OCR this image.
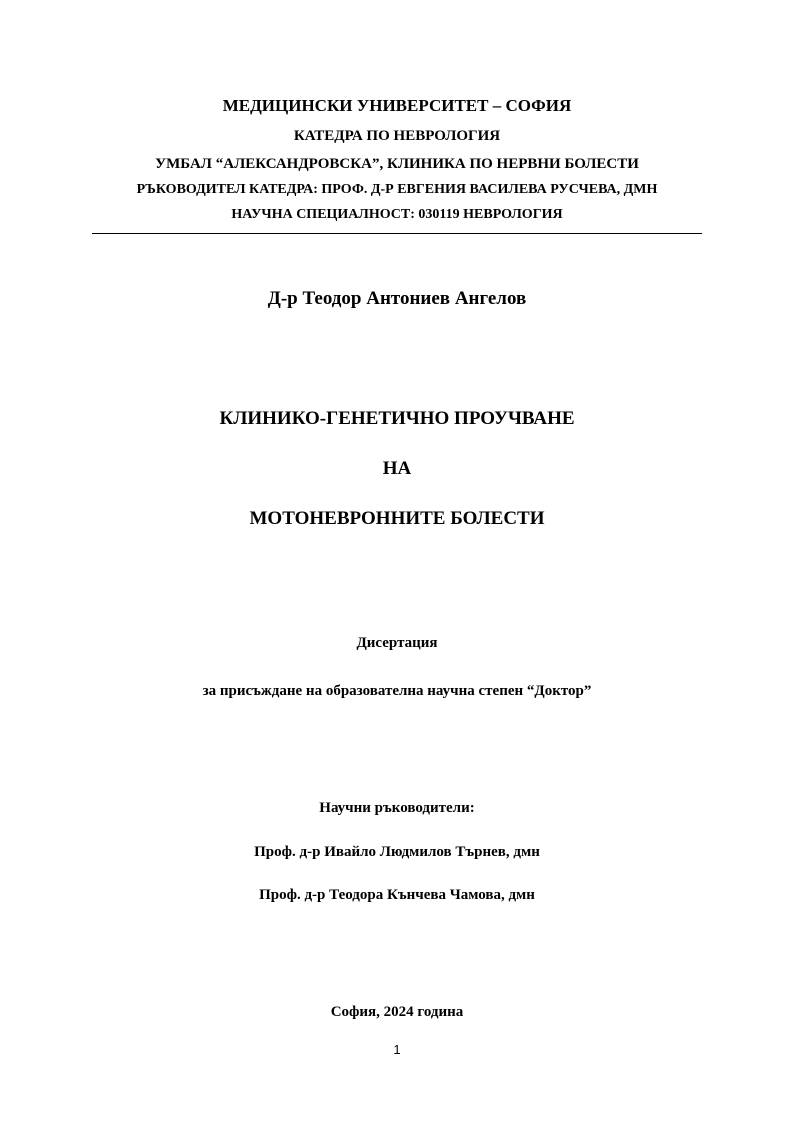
МЕДИЦИНСКИ УНИВЕРСИТЕТ – СОФИЯ
КАТЕДРА ПО НЕВРОЛОГИЯ
УМБАЛ “АЛЕКСАНДРОВСКА”, КЛИНИКА ПО НЕРВНИ БОЛЕСТИ
РЪКОВОДИТЕЛ КАТЕДРА: ПРОФ. Д-Р ЕВГЕНИЯ ВАСИЛЕВА РУСЧЕВА, ДМН
НАУЧНА СПЕЦИАЛНОСТ: 030119 НЕВРОЛОГИЯ
Д-р Теодор Антониев Ангелов
КЛИНИКО-ГЕНЕТИЧНО ПРОУЧВАНЕ
НА
МОТОНЕВРОННИТЕ БОЛЕСТИ
Дисертация
за присъждане на образователна научна степен “Доктор”
Научни ръководители:
Проф. д-р Ивайло Людмилов Търнев, дмн
Проф. д-р Теодора Кънчева Чамова, дмн
София, 2024 година
1
